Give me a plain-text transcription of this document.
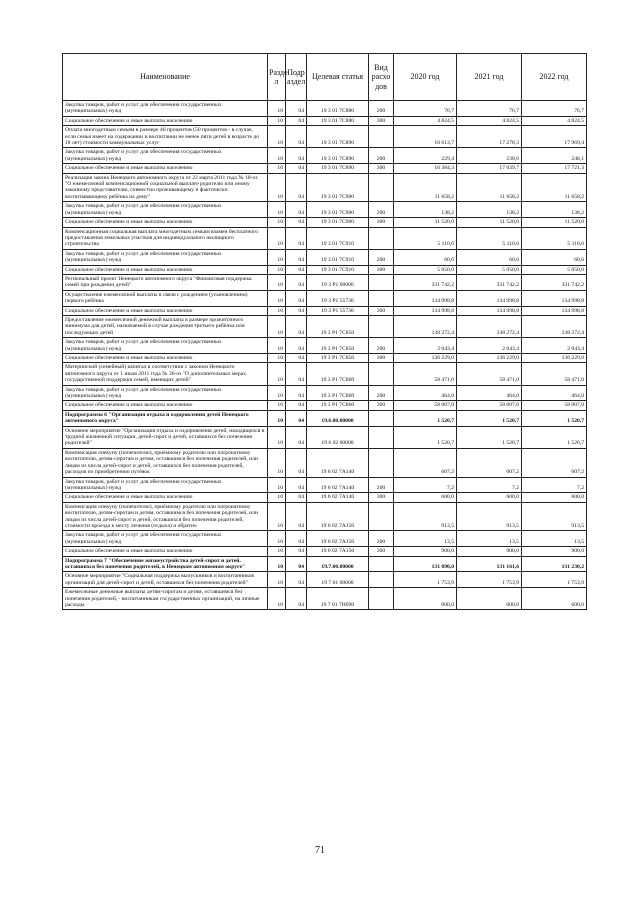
Наименование	Разде л	Подр аздел	Целевая статья	Вид расхо дов	2020 год	2021 год	2022 год
Закупка товаров, работ и услуг для обеспечения государственных (муниципальных) нужд	10	04	19 3 01 7С880	200	76,7	76,7	76,7
Социальное обеспечение и иные выплаты населению	10	04	19 3 01 7С880	300	4 824,5	4 824,5	4 824,5
Оплата многодетным семьям в размере 40 процентов (50 процентов - в случае, если семья имеет на содержании и воспитании не менее пяти детей в возрасте до 18 лет) стоимости коммунальных услуг	10	04	19 3 01 7С890		16 613,7	17 278,3	17 969,4
Закупка товаров, работ и услуг для обеспечения государственных (муниципальных) нужд	10	04	19 3 01 7С890	200	229,4	238,6	248,1
Социальное обеспечение и иные выплаты населению	10	04	19 3 01 7С890	300	16 384,3	17 039,7	17 721,3
Реализация закона Ненецкого автономного округа от 22 марта 2011 года № 10-оз "О ежемесячной компенсационной социальной выплате родителю или иному законному представителю, совместно проживающему и фактически воспитывающему ребёнка на дому"	10	04	19 3 01 7С900		11 658,2	11 658,2	11 658,2
Закупка товаров, работ и услуг для обеспечения государственных (муниципальных) нужд	10	04	19 3 01 7С900	200	138,2	138,2	138,2
Социальное обеспечение и иные выплаты населению	10	04	19 3 01 7С900	300	11 520,0	11 520,0	11 520,0
Компенсационная социальная выплата многодетным семьям взамен бесплатного предоставления земельных участков для индивидуального жилищного строительства	10	04	19 3 01 7С910		5 110,6	5 110,6	5 110,6
Закупка товаров, работ и услуг для обеспечения государственных (муниципальных) нужд	10	04	19 3 01 7С910	200	60,6	60,6	60,6
Социальное обеспечение и иные выплаты населению	10	04	19 3 01 7С910	300	5 050,0	5 050,0	5 050,0
Региональный проект Ненецкого автономного округа "Финансовая поддержка семей при рождении детей"	10	04	19 3 Р1 00000		331 742,2	331 742,2	331 742,2
Осуществление ежемесячной выплаты в связи с рождением (усыновлением) первого ребёнка	10	04	19 3 Р1 55730		134 998,8	134 998,8	134 998,8
Социальное обеспечение и иные выплаты населению	10	04	19 3 Р1 55730	300	134 998,8	134 998,8	134 998,8
Предоставление ежемесячной денежной выплаты в размере прожиточного минимума для детей, назначаемой в случае рождения третьего ребёнка или последующих детей	10	04	19 3 Р1 7С850		138 272,4	138 272,4	138 272,4
Закупка товаров, работ и услуг для обеспечения государственных (муниципальных) нужд	10	04	19 3 Р1 7С850	200	2 043,4	2 043,4	2 043,4
Социальное обеспечение и иные выплаты населению	10	04	19 3 Р1 7С850	300	136 229,0	136 229,0	136 229,0
Материнский (семейный) капитал в соответствии с законом Ненецкого автономного округа от 1 июля 2011 года № 36-оз "О дополнительных мерах государственной поддержки семей, имеющих детей"	10	04	19 3 Р1 7С860		58 471,0	58 471,0	58 471,0
Закупка товаров, работ и услуг для обеспечения государственных (муниципальных) нужд	10	04	19 3 Р1 7С860	200	464,0	464,0	464,0
Социальное обеспечение и иные выплаты населению	10	04	19 3 Р1 7С860	300	58 007,0	58 007,0	58 007,0
Подпрограмма 6 "Организация отдыха и оздоровления детей Ненецкого автономного округа"	10	04	19.6.00.00000		1 520,7	1 520,7	1 520,7
Основное мероприятие "Организация отдыха и оздоровления детей, находящихся в трудной жизненной ситуации, детей-сирот и детей, оставшихся без попечения родителей"	10	04	19 6 02 00000		1 520,7	1 520,7	1 520,7
Компенсация опекуну (попечителю), приёмному родителю или патронатному воспитателю, детям-сиротам и детям, оставшимся без попечения родителей, или лицам из числа детей-сирот и детей, оставшихся без попечения родителей, расходов по приобретению путёвок	10	04	19 6 02 7А140		607,2	607,2	607,2
Закупка товаров, работ и услуг для обеспечения государственных (муниципальных) нужд	10	04	19 6 02 7А140	200	7,2	7,2	7,2
Социальное обеспечение и иные выплаты населению	10	04	19 6 02 7А140	300	600,0	600,0	600,0
Компенсация опекуну (попечителю), приёмному родителю или патронатному воспитателю, детям-сиротам и детям, оставшимся без попечения родителей, или лицам из числа детей-сирот и детей, оставшихся без попечения родителей, стоимости проезда к месту лечения (отдыха) и обратно	10	04	19 6 02 7А150		913,5	913,5	913,5
Закупка товаров, работ и услуг для обеспечения государственных (муниципальных) нужд	10	04	19 6 02 7А150	200	13,5	13,5	13,5
Социальное обеспечение и иные выплаты населению	10	04	19 6 02 7А150	300	900,0	900,0	900,0
Подпрограмма 7 "Обеспечение жизнеустройства детей-сирот и детей, оставшихся без попечения родителей, в Ненецком автономном округе"	10	04	19.7.00.00000		131 090,0	131 161,6	131 230,2
Основное мероприятие "Социальная поддержка выпускников и воспитанников организаций для детей-сирот и детей, оставшихся без попечения родителей"	10	04	19 7 01 00000		1 753,9	1 753,9	1 753,9
Ежемесячные денежные выплаты детям-сиротам и детям, оставшимся без попечения родителей, - воспитанникам государственных организаций, на личные расходы	10	04	19 7 01 7Н090		600,0	600,0	600,0
71
